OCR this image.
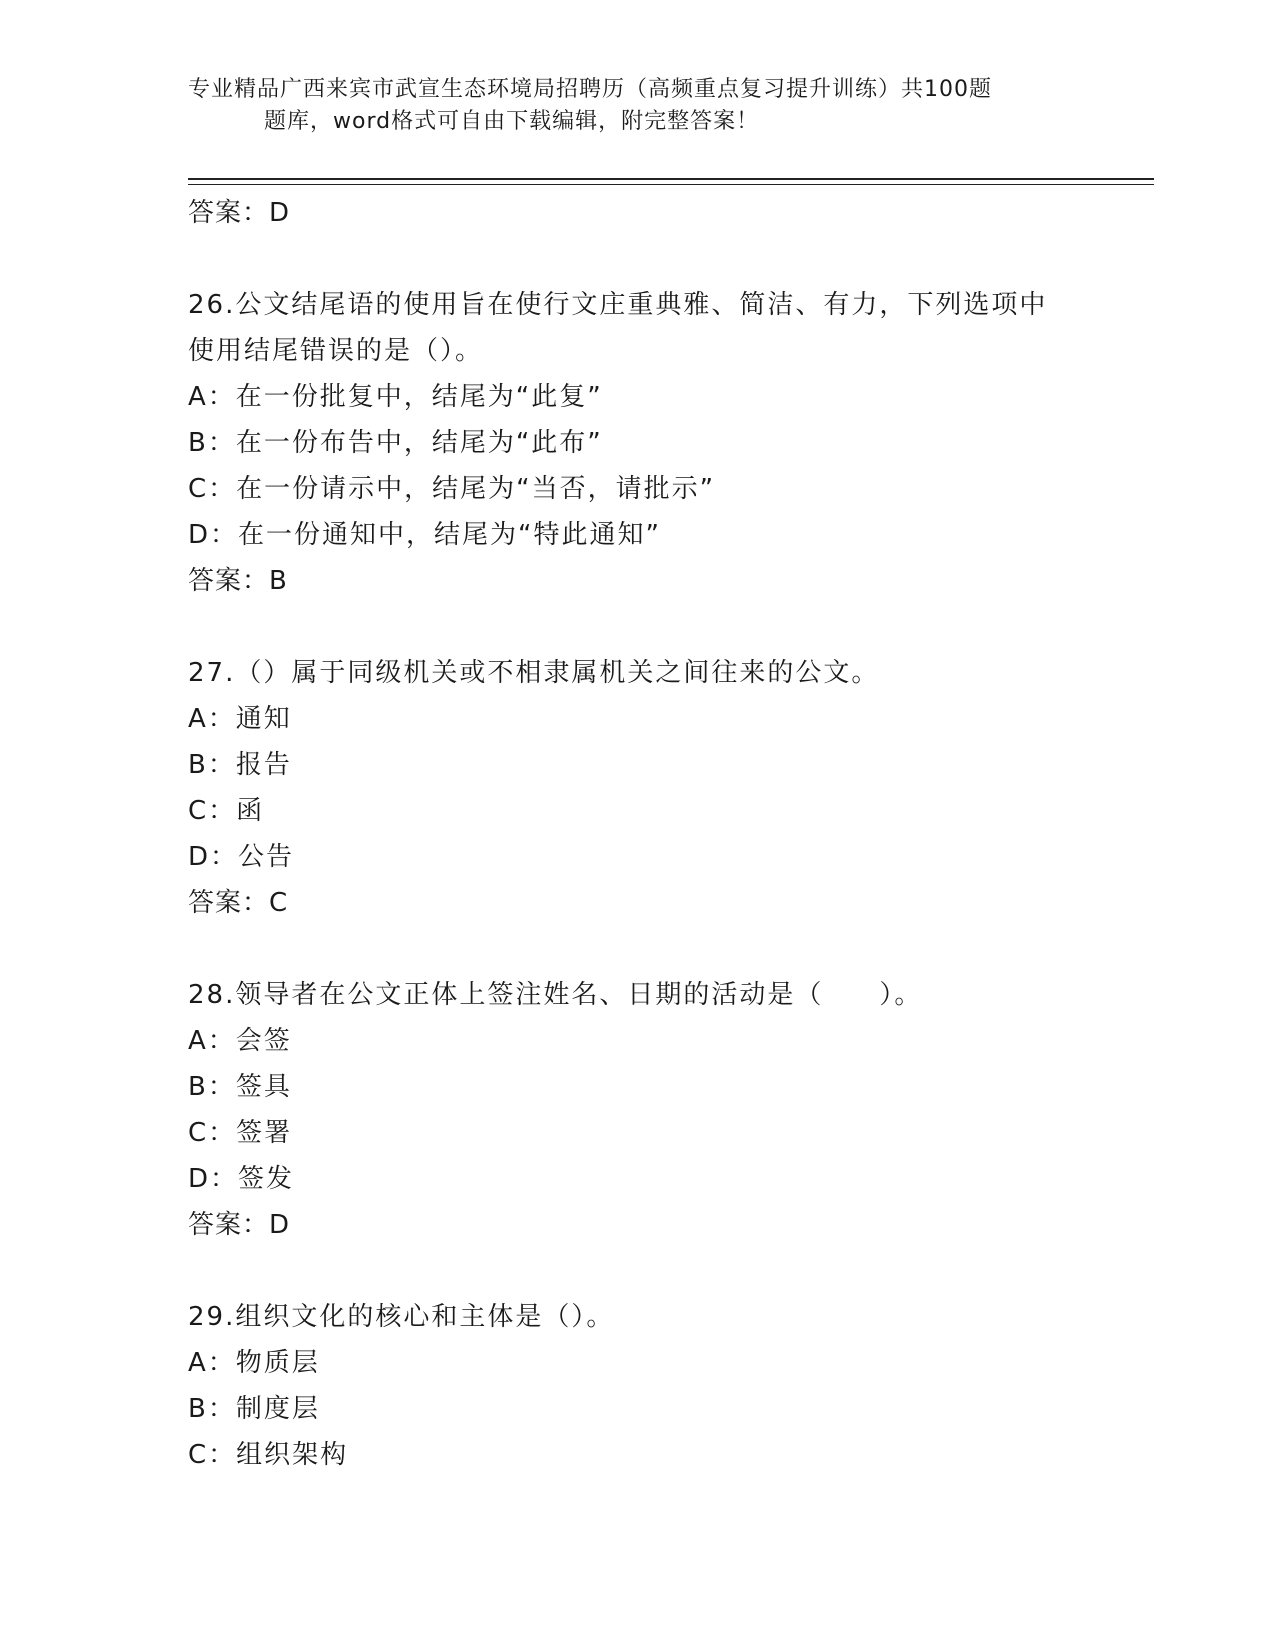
专业精品广西来宾市武宣生态环境局招聘历（高频重点复习提升训练）共100题
题库，word格式可自由下载编辑，附完整答案！
答案：D
26.公文结尾语的使用旨在使行文庄重典雅、简洁、有力，下列选项中
使用结尾错误的是（）。
A：在一份批复中，结尾为“此复”
B：在一份布告中，结尾为“此布”
C：在一份请示中，结尾为“当否，请批示”
D：在一份通知中，结尾为“特此通知”
答案：B
27.（）属于同级机关或不相隶属机关之间往来的公文。
A：通知
B：报告
C：函
D：公告
答案：C
28.领导者在公文正体上签注姓名、日期的活动是（　　）。
A：会签
B：签具
C：签署
D：签发
答案：D
29.组织文化的核心和主体是（）。
A：物质层
B：制度层
C：组织架构
